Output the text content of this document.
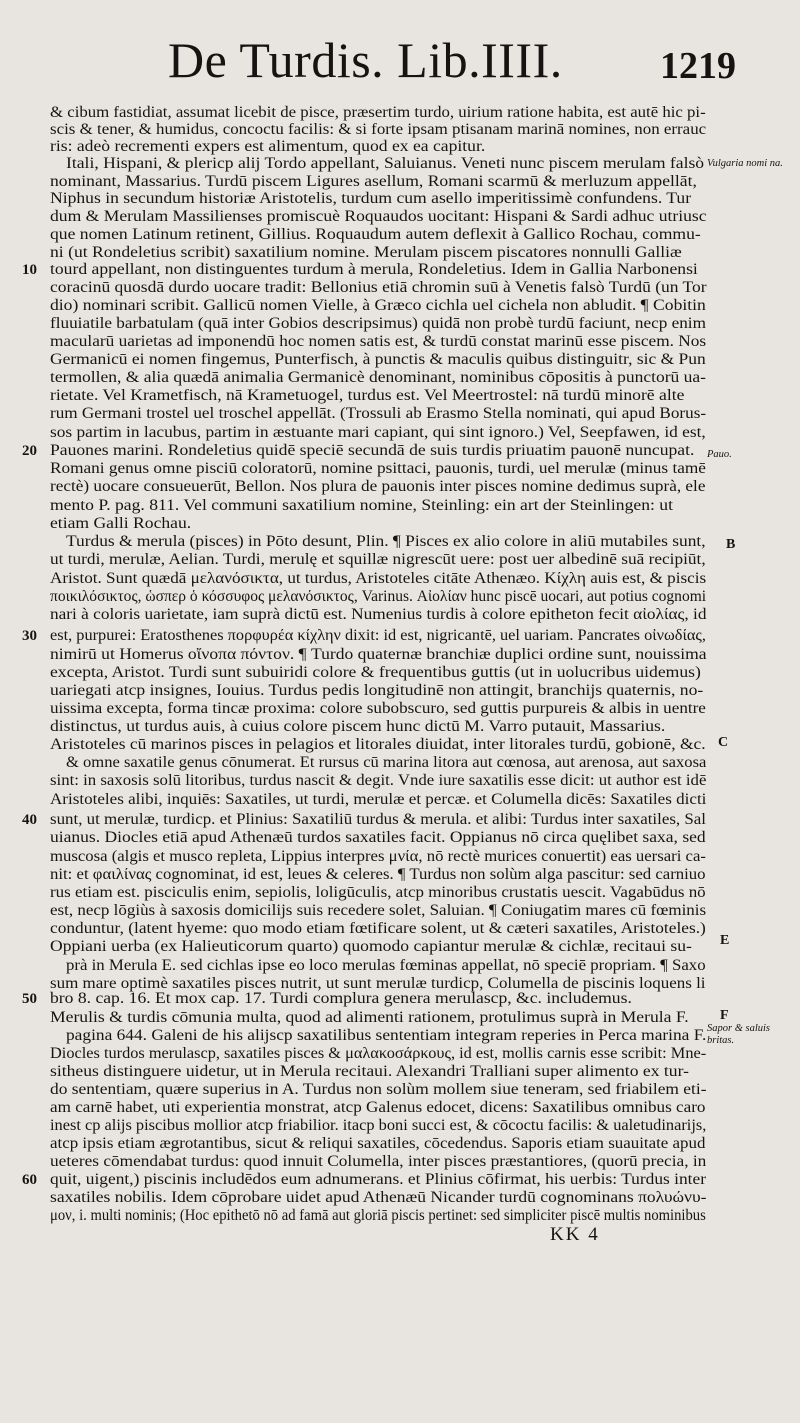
De Turdis. Lib.IIII.	1219
& cibum fastidiat, assumat licebit de pisce, præsertim turdo, uirium ratione habita, est autē hic pi-
scis & tener, & humidus, concoctu facilis: & si forte ipsam ptisanam marinā nomines, non errauc
ris: adeò recrementi expers est alimentum, quod ex ea capitur.
Itali, Hispani, & plericp alij Tordo appellant, Saluianus. Veneti nunc piscem merulam falsò
nominant, Massarius. Turdū piscem Ligures asellum, Romani scarmū & merluzum appellāt,
Niphus in secundum historiæ Aristotelis, turdum cum asello imperitissimè confundens. Tur
dum & Merulam Massilienses promiscuè Roquaudos uocitant: Hispani & Sardi adhuc utriusc
que nomen Latinum retinent, Gillius. Roquaudum autem deflexit à Gallico Rochau, commu-
ni (ut Rondeletius scribit) saxatilium nomine. Merulam piscem piscatores nonnulli Galliæ
tourd appellant, non distinguentes turdum à merula, Rondeletius. Idem in Gallia Narbonensi
coracinū quosdā durdo uocare tradit: Bellonius etiā chromin suū à Venetis falsò Turdū (un Tor
dio) nominari scribit. Gallicū nomen Vielle, à Græco cichla uel cichela non abludit. ¶ Cobitin
fluuiatile barbatulam (quā inter Gobios descripsimus) quidā non probè turdū faciunt, necp enim
macularū uarietas ad imponendū hoc nomen satis est, & turdū constat marinū esse piscem. Nos
Germanicū ei nomen fingemus, Punterfisch, à punctis & maculis quibus distinguitr, sic & Pun
termollen, & alia quædā animalia Germanicè denominant, nominibus cōpositis à punctorū ua-
rietate. Vel Krametfisch, nā Krametuogel, turdus est. Vel Meertrostel: nā turdū minorē alte
rum Germani trostel uel troschel appellāt. (Trossuli ab Erasmo Stella nominati, qui apud Borus-
sos partim in lacubus, partim in æstuante mari capiant, qui sint ignoro.) Vel, Seepfawen, id est,
Pauones marini. Rondeletius quidē speciē secundā de suis turdis priuatim pauonē nuncupat.
Romani genus omne pisciū coloratorū, nomine psittaci, pauonis, turdi, uel merulæ (minus tamē
rectè) uocare consueuerūt, Bellon. Nos plura de pauonis inter pisces nomine dedimus suprà, ele
mento P. pag. 811. Vel communi saxatilium nomine, Steinling: ein art der Steinlingen: ut
etiam Galli Rochau.
Turdus & merula (pisces) in Pōto desunt, Plin. ¶ Pisces ex alio colore in aliū mutabiles sunt,
ut turdi, merulæ, Aelian. Turdi, merulę et squillæ nigrescūt uere: post uer albedinē suā recipiūt,
Aristot. Sunt quædā μελανόσικτα, ut turdus, Aristoteles citāte Athenæo. Κίχλη auis est, & piscis
ποικιλόσικτος, ὡσπερ ὁ κόσσυφος μελανόσικτος, Varinus. Αἰολίαν hunc piscē uocari, aut potius cognomi
nari à coloris uarietate, iam suprà dictū est. Numenius turdis à colore epitheton fecit αἰολίας, id
est, purpurei: Eratosthenes πορφυρέα κίχλην dixit: id est, nigricantē, uel uariam. Pancrates οἰνωδίας,
nimirū ut Homerus οἴνοπα πόντον. ¶ Turdo quaternæ branchiæ duplici ordine sunt, nouissima
excepta, Aristot. Turdi sunt subuiridi colore & frequentibus guttis (ut in uolucribus uidemus)
uariegati atcp insignes, Iouius. Turdus pedis longitudinē non attingit, branchijs quaternis, no-
uissima excepta, forma tincæ proxima: colore subobscuro, sed guttis purpureis & albis in uentre
distinctus, ut turdus auis, à cuius colore piscem hunc dictū M. Varro putauit, Massarius.
Aristoteles cū marinos pisces in pelagios et litorales diuidat, inter litorales turdū, gobionē, &c.
& omne saxatile genus cōnumerat. Et rursus cū marina litora aut cœnosa, aut arenosa, aut saxosa
sint: in saxosis solū litoribus, turdus nascit & degit. Vnde iure saxatilis esse dicit: ut author est idē
Aristoteles alibi, inquiēs: Saxatiles, ut turdi, merulæ et percæ. et Columella dicēs: Saxatiles dicti
sunt, ut merulæ, turdicp. et Plinius: Saxatiliū turdus & merula. et alibi: Turdus inter saxatiles, Sal
uianus. Diocles etiā apud Athenæū turdos saxatiles facit. Oppianus nō circa quęlibet saxa, sed
muscosa (algis et musco repleta, Lippius interpres μνία, nō rectè murices conuertit) eas uersari ca-
nit: et φαιλίνας cognominat, id est, leues & celeres. ¶ Turdus non solùm alga pascitur: sed carniuo
rus etiam est. pisciculis enim, sepiolis, loligūculis, atcp minoribus crustatis uescit. Vagabūdus nō
est, necp lōgiùs à saxosis domicilijs suis recedere solet, Saluian. ¶ Coniugatim mares cū fœminis
conduntur, (latent hyeme: quo modo etiam fœtificare solent, ut & cæteri saxatiles, Aristoteles.)
Oppiani uerba (ex Halieuticorum quarto) quomodo capiantur merulæ & cichlæ, recitaui su-
prà in Merula E. sed cichlas ipse eo loco merulas fœminas appellat, nō speciē propriam. ¶ Saxo
sum mare optimè saxatiles pisces nutrit, ut sunt merulæ turdicp, Columella de piscinis loquens li
bro 8. cap. 16. Et mox cap. 17. Turdi complura genera merulascp, &c. includemus.
Merulis & turdis cōmunia multa, quod ad alimenti rationem, protulimus suprà in Merula F.
pagina 644. Galeni de his alijscp saxatilibus sententiam integram reperies in Perca marina F.
Diocles turdos merulascp, saxatiles pisces & μαλακοσάρκους, id est, mollis carnis esse scribit: Mne-
sitheus distinguere uidetur, ut in Merula recitaui. Alexandri Tralliani super alimento ex tur-
do sententiam, quære superius in A. Turdus non solùm mollem siue teneram, sed friabilem eti-
am carnē habet, uti experientia monstrat, atcp Galenus edocet, dicens: Saxatilibus omnibus caro
inest cp alijs piscibus mollior atcp friabilior. itacp boni succi est, & cōcoctu facilis: & ualetudinarijs,
atcp ipsis etiam ægrotantibus, sicut & reliqui saxatiles, cōcedendus. Saporis etiam suauitate apud
ueteres cōmendabat turdus: quod innuit Columella, inter pisces præstantiores, (quorū precia, in
quit, uigent,) piscinis includēdos eum adnumerans. et Plinius cōfirmat, his uerbis: Turdus inter
saxatiles nobilis. Idem cōprobare uidet apud Athenæū Nicander turdū cognominans πολυώνυ-
μον, i. multi nominis; (Hoc epithetō nō ad famā aut gloriā piscis pertinet: sed simpliciter piscē multis nominibus
10
20
30
40
50
60
B
C
E
F
Vulgaria nomi na.
Pauo.
Sapor & saluis britas.
KK 4
